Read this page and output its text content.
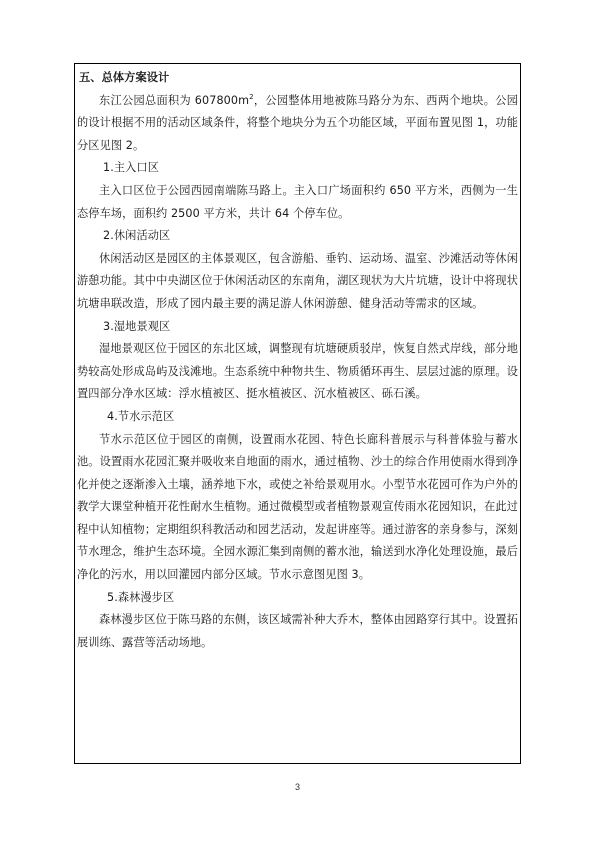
五、总体方案设计

东江公园总面积为 $607800m^2$，公园整体用地被陈马路分为东、西两个地块。公园的设计根据不用的活动区域条件，将整个地块分为五个功能区域，平面布置见图 1，功能分区见图 2。

1.主入口区

主入口区位于公园西园南端陈马路上。主入口广场面积约 650 平方米，西侧为一生态停车场，面积约 2500 平方米，共计 64 个停车位。

2.休闲活动区

休闲活动区是园区的主体景观区，包含游船、垂钓、运动场、温室、沙滩活动等休闲游憩功能。其中中央湖区位于休闲活动区的东南角，湖区现状为大片坑塘，设计中将现状坑塘串联改造，形成了园内最主要的满足游人休闲游憩、健身活动等需求的区域。

3.湿地景观区

湿地景观区位于园区的东北区域，调整现有坑塘硬质驳岸，恢复自然式岸线，部分地势较高处形成岛屿及浅滩地。生态系统中种物共生、物质循环再生、层层过滤的原理。设置四部分净水区域：浮水植被区、挺水植被区、沉水植被区、砾石溪。

4.节水示范区

节水示范区位于园区的南侧，设置雨水花园、特色长廊科普展示与科普体验与蓄水池。设置雨水花园汇聚并吸收来自地面的雨水，通过植物、沙土的综合作用使雨水得到净化并使之逐渐渗入土壤，涵养地下水，或使之补给景观用水。小型节水花园可作为户外的教学大课堂种植开花性耐水生植物。通过微模型或者植物景观宣传雨水花园知识，在此过程中认知植物；定期组织科教活动和园艺活动，发起讲座等。通过游客的亲身参与，深刻节水理念，维护生态环境。全园水源汇集到南侧的蓄水池，输送到水净化处理设施，最后净化的污水，用以回灌园内部分区域。节水示意图见图 3。

5.森林漫步区

森林漫步区位于陈马路的东侧，该区域需补种大乔木，整体由园路穿行其中。设置拓展训练、露营等活动场地。

3
